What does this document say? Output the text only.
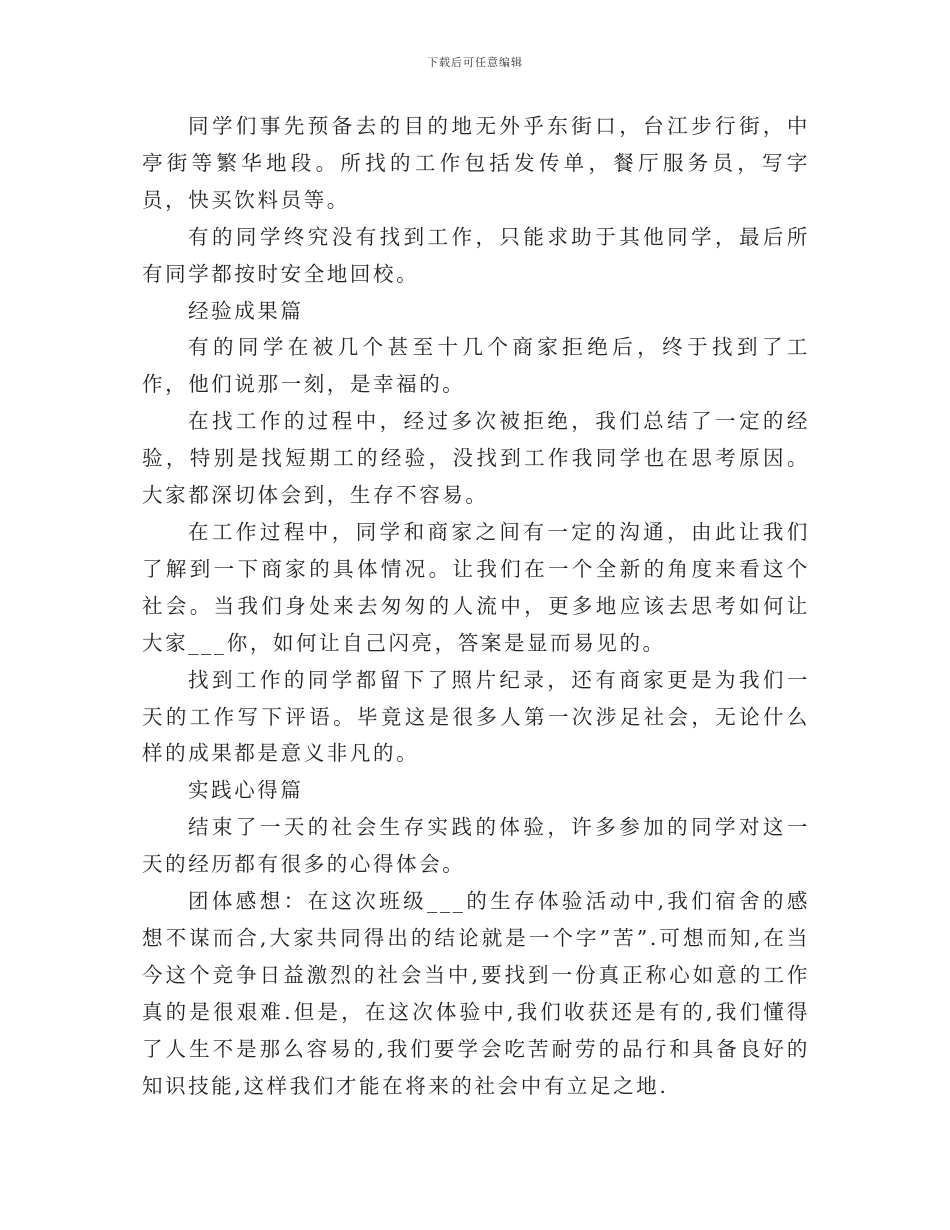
下载后可任意编辑

同学们事先预备去的目的地无外乎东街口，台江步行街，中亭街等繁华地段。所找的工作包括发传单，餐厅服务员，写字员，快买饮料员等。

有的同学终究没有找到工作，只能求助于其他同学，最后所有同学都按时安全地回校。

经验成果篇

有的同学在被几个甚至十几个商家拒绝后，终于找到了工作，他们说那一刻，是幸福的。

在找工作的过程中，经过多次被拒绝，我们总结了一定的经验，特别是找短期工的经验，没找到工作我同学也在思考原因。大家都深切体会到，生存不容易。

在工作过程中，同学和商家之间有一定的沟通，由此让我们了解到一下商家的具体情况。让我们在一个全新的角度来看这个社会。当我们身处来去匆匆的人流中，更多地应该去思考如何让大家___你，如何让自己闪亮，答案是显而易见的。

找到工作的同学都留下了照片纪录，还有商家更是为我们一天的工作写下评语。毕竟这是很多人第一次涉足社会，无论什么样的成果都是意义非凡的。

实践心得篇

结束了一天的社会生存实践的体验，许多参加的同学对这一天的经历都有很多的心得体会。

团体感想：在这次班级___的生存体验活动中,我们宿舍的感想不谋而合,大家共同得出的结论就是一个字”苦”.可想而知,在当今这个竞争日益激烈的社会当中,要找到一份真正称心如意的工作真的是很艰难.但是，在这次体验中,我们收获还是有的,我们懂得了人生不是那么容易的,我们要学会吃苦耐劳的品行和具备良好的知识技能,这样我们才能在将来的社会中有立足之地.
